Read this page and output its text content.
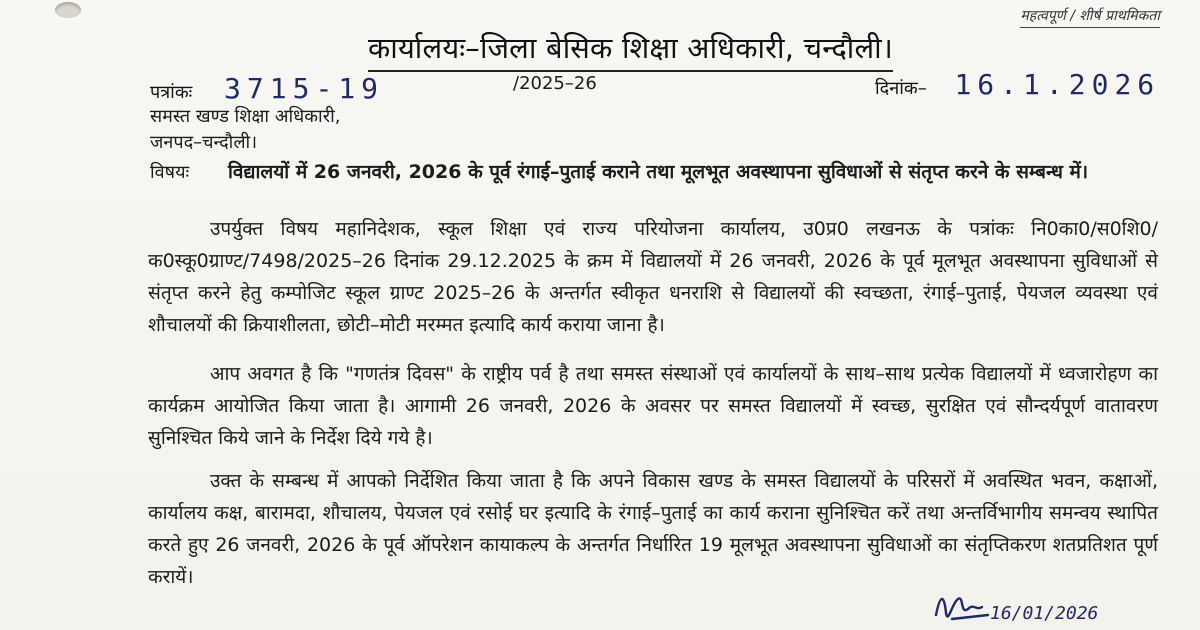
महत्वपूर्ण / शीर्ष प्राथमिकता
कार्यालयः–जिला बेसिक शिक्षा अधिकारी, चन्दौली।
पत्रांकः 3715-19	/2025–26	दिनांक– 16.1.2026
समस्त खण्ड शिक्षा अधिकारी,
जनपद–चन्दौली।
विषयः विद्यालयों में 26 जनवरी, 2026 के पूर्व रंगाई–पुताई कराने तथा मूलभूत अवस्थापना सुविधाओं से संतृप्त करने के सम्बन्ध में।
उपर्युक्त विषय महानिदेशक, स्कूल शिक्षा एवं राज्य परियोजना कार्यालय, उ0प्र0 लखनऊ के पत्रांकः नि0का0/स0शि0/क0स्कू0ग्राण्ट/7498/2025–26 दिनांक 29.12.2025 के क्रम में विद्यालयों में 26 जनवरी, 2026 के पूर्व मूलभूत अवस्थापना सुविधाओं से संतृप्त करने हेतु कम्पोजिट स्कूल ग्राण्ट 2025–26 के अन्तर्गत स्वीकृत धनराशि से विद्यालयों की स्वच्छता, रंगाई–पुताई, पेयजल व्यवस्था एवं शौचालयों की क्रियाशीलता, छोटी–मोटी मरम्मत इत्यादि कार्य कराया जाना है।
आप अवगत है कि "गणतंत्र दिवस" के राष्ट्रीय पर्व है तथा समस्त संस्थाओं एवं कार्यालयों के साथ–साथ प्रत्येक विद्यालयों में ध्वजारोहण का कार्यक्रम आयोजित किया जाता है। आगामी 26 जनवरी, 2026 के अवसर पर समस्त विद्यालयों में स्वच्छ, सुरक्षित एवं सौन्दर्यपूर्ण वातावरण सुनिश्चित किये जाने के निर्देश दिये गये है।
उक्त के सम्बन्ध में आपको निर्देशित किया जाता है कि अपने विकास खण्ड के समस्त विद्यालयों के परिसरों में अवस्थित भवन, कक्षाओं, कार्यालय कक्ष, बारामदा, शौचालय, पेयजल एवं रसोई घर इत्यादि के रंगाई–पुताई का कार्य कराना सुनिश्चित करें तथा अन्तर्विभागीय समन्वय स्थापित करते हुए 26 जनवरी, 2026 के पूर्व ऑपरेशन कायाकल्प के अन्तर्गत निर्धारित 19 मूलभूत अवस्थापना सुविधाओं का संतृप्तिकरण शतप्रतिशत पूर्ण करायें।
16/01/2026
